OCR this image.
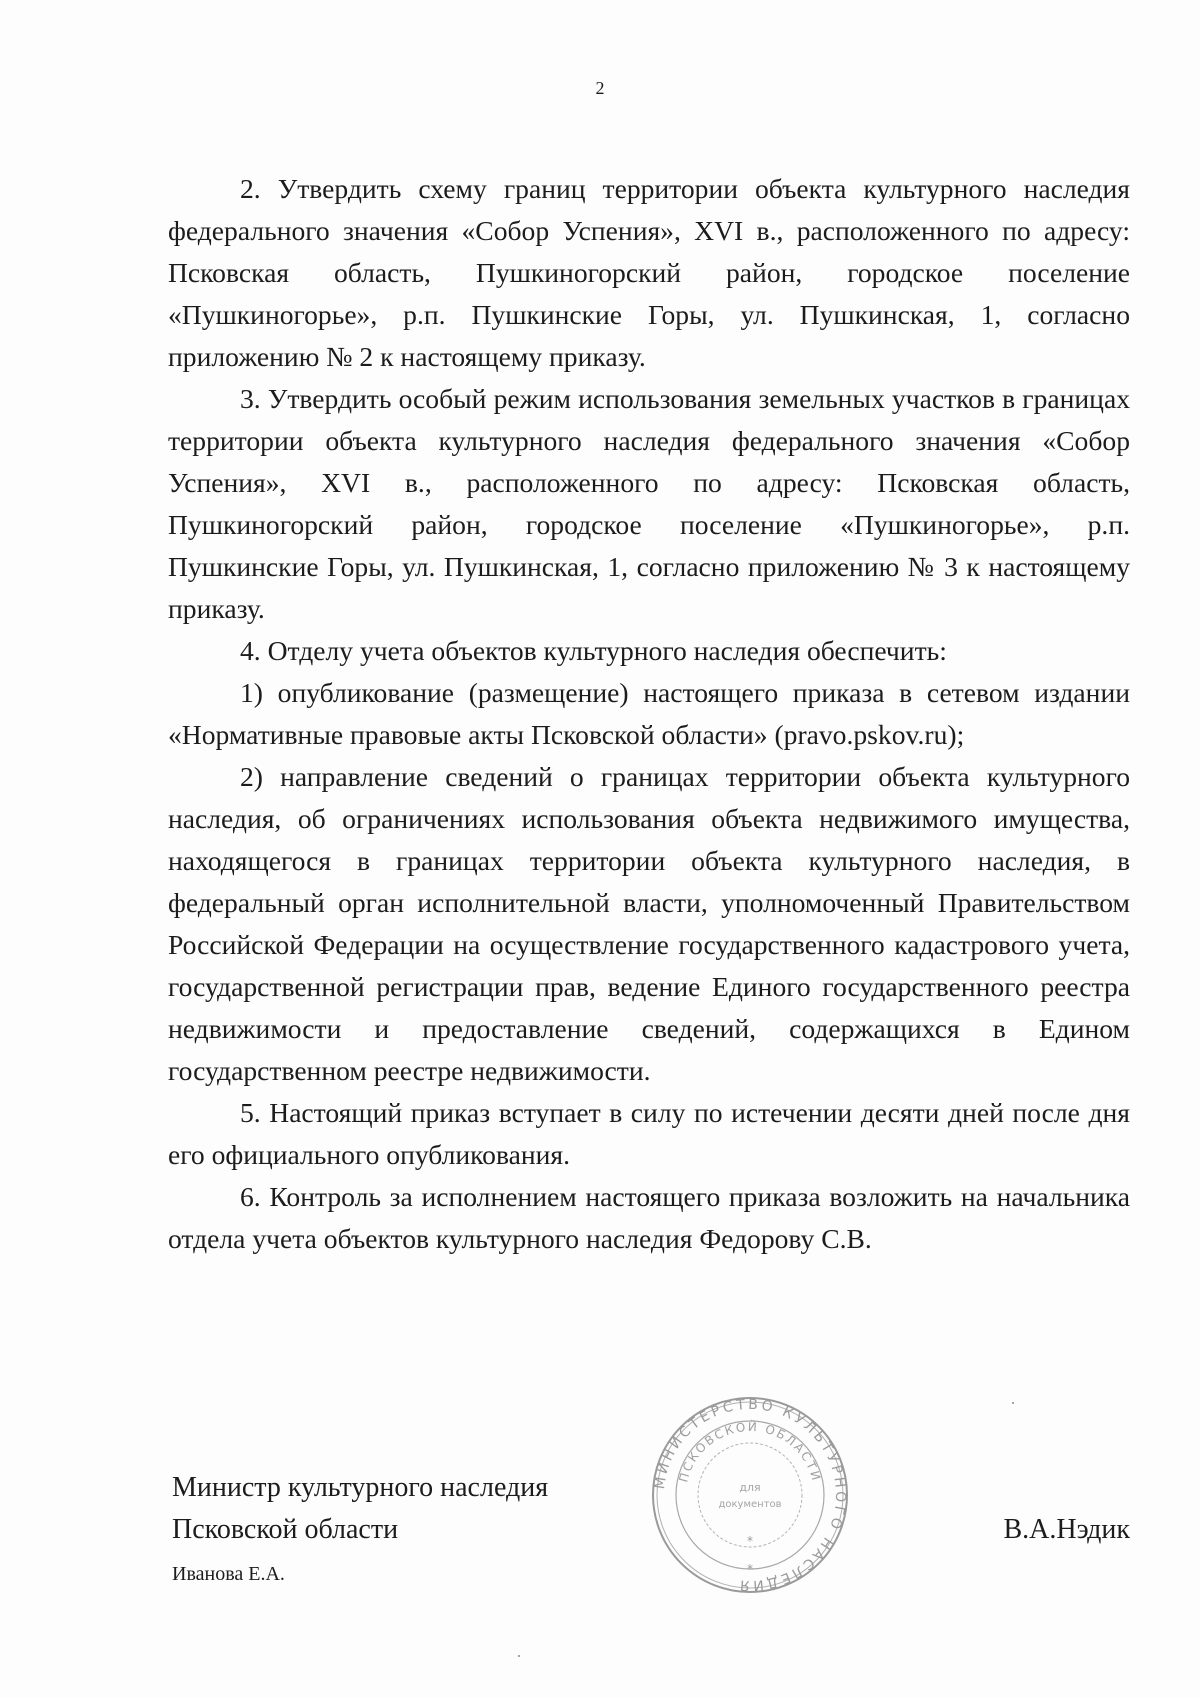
2

2. Утвердить схему границ территории объекта культурного наследия федерального значения «Собор Успения», XVI в., расположенного по адресу: Псковская область, Пушкиногорский район, городское поселение «Пушкиногорье», р.п. Пушкинские Горы, ул. Пушкинская, 1, согласно приложению № 2 к настоящему приказу.

3. Утвердить особый режим использования земельных участков в границах территории объекта культурного наследия федерального значения «Собор Успения», XVI в., расположенного по адресу: Псковская область, Пушкиногорский район, городское поселение «Пушкиногорье», р.п. Пушкинские Горы, ул. Пушкинская, 1, согласно приложению № 3 к настоящему приказу.

4. Отделу учета объектов культурного наследия обеспечить:

1) опубликование (размещение) настоящего приказа в сетевом издании «Нормативные правовые акты Псковской области» (pravo.pskov.ru);

2) направление сведений о границах территории объекта культурного наследия, об ограничениях использования объекта недвижимого имущества, находящегося в границах территории объекта культурного наследия, в федеральный орган исполнительной власти, уполномоченный Правительством Российской Федерации на осуществление государственного кадастрового учета, государственной регистрации прав, ведение Единого государственного реестра недвижимости и предоставление сведений, содержащихся в Едином государственном реестре недвижимости.

5. Настоящий приказ вступает в силу по истечении десяти дней после дня его официального опубликования.

6. Контроль за исполнением настоящего приказа возложить на начальника отдела учета объектов культурного наследия Федорову С.В.

Министр культурного наследия
Псковской области	В.А.Нэдик
Иванова Е.А.
МИНИСТЕРСТВО КУЛЬТУРНОГО НАСЛЕДИЯ
ПСКОВСКОЙ ОБЛАСТИ
для
документов
*
*
